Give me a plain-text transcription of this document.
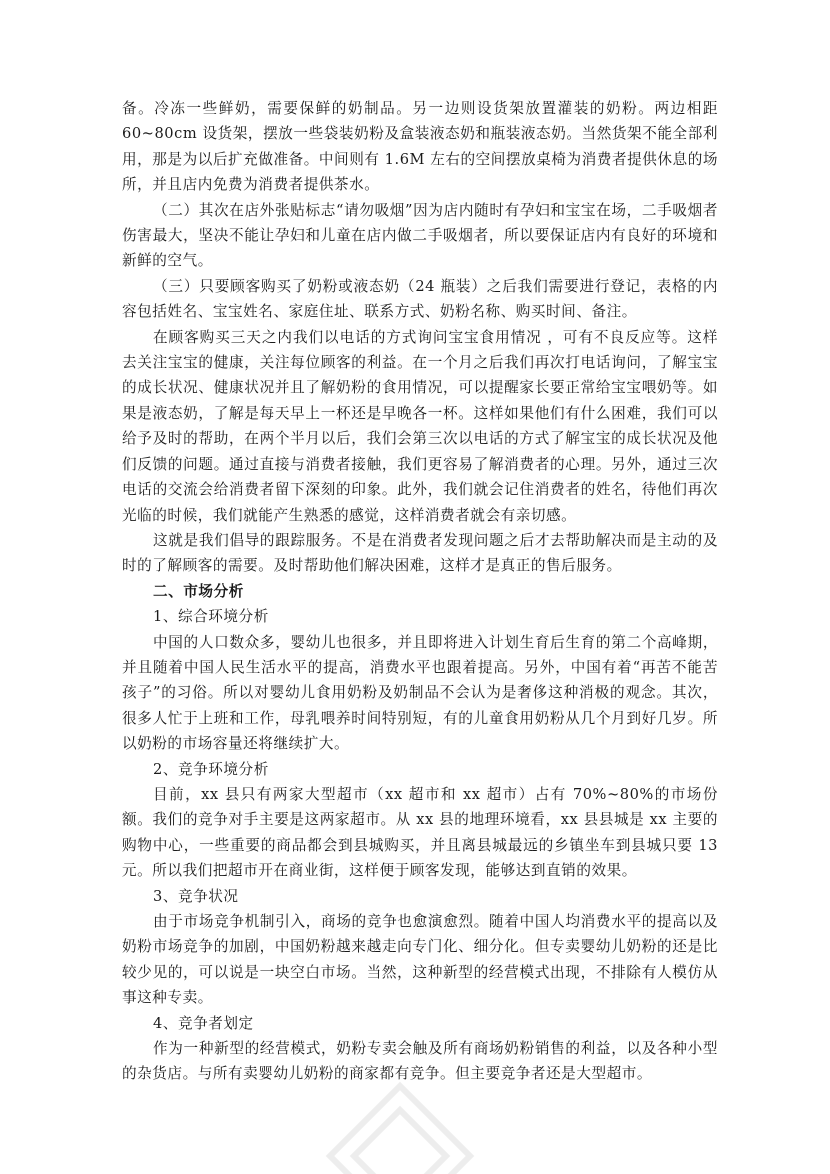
备。冷冻一些鲜奶，需要保鲜的奶制品。另一边则设货架放置灌装的奶粉。两边相距 60~80cm 设货架，摆放一些袋装奶粉及盒装液态奶和瓶装液态奶。当然货架不能全部利用，那是为以后扩充做准备。中间则有 1.6M 左右的空间摆放桌椅为消费者提供休息的场所，并且店内免费为消费者提供茶水。

（二）其次在店外张贴标志“请勿吸烟”因为店内随时有孕妇和宝宝在场，二手吸烟者伤害最大，坚决不能让孕妇和儿童在店内做二手吸烟者，所以要保证店内有良好的环境和新鲜的空气。

（三）只要顾客购买了奶粉或液态奶（24 瓶装）之后我们需要进行登记，表格的内容包括姓名、宝宝姓名、家庭住址、联系方式、奶粉名称、购买时间、备注。

在顾客购买三天之内我们以电话的方式询问宝宝食用情况 ，可有不良反应等。这样去关注宝宝的健康，关注每位顾客的利益。在一个月之后我们再次打电话询问，了解宝宝的成长状况、健康状况并且了解奶粉的食用情况，可以提醒家长要正常给宝宝喂奶等。如果是液态奶，了解是每天早上一杯还是早晚各一杯。这样如果他们有什么困难，我们可以给予及时的帮助，在两个半月以后，我们会第三次以电话的方式了解宝宝的成长状况及他们反馈的问题。通过直接与消费者接触，我们更容易了解消费者的心理。另外，通过三次电话的交流会给消费者留下深刻的印象。此外，我们就会记住消费者的姓名，待他们再次光临的时候，我们就能产生熟悉的感觉，这样消费者就会有亲切感。

这就是我们倡导的跟踪服务。不是在消费者发现问题之后才去帮助解决而是主动的及时的了解顾客的需要。及时帮助他们解决困难，这样才是真正的售后服务。

二、市场分析

1、综合环境分析

中国的人口数众多，婴幼儿也很多，并且即将进入计划生育后生育的第二个高峰期，并且随着中国人民生活水平的提高，消费水平也跟着提高。另外，中国有着“再苦不能苦孩子”的习俗。所以对婴幼儿食用奶粉及奶制品不会认为是奢侈这种消极的观念。其次，很多人忙于上班和工作，母乳喂养时间特别短，有的儿童食用奶粉从几个月到好几岁。所以奶粉的市场容量还将继续扩大。

2、竞争环境分析

目前，xx 县只有两家大型超市（xx 超市和 xx 超市）占有 70%~80%的市场份额。我们的竞争对手主要是这两家超市。从 xx 县的地理环境看，xx 县县城是 xx 主要的购物中心，一些重要的商品都会到县城购买，并且离县城最远的乡镇坐车到县城只要 13 元。所以我们把超市开在商业街，这样便于顾客发现，能够达到直销的效果。

3、竞争状况

由于市场竞争机制引入，商场的竞争也愈演愈烈。随着中国人均消费水平的提高以及奶粉市场竞争的加剧，中国奶粉越来越走向专门化、细分化。但专卖婴幼儿奶粉的还是比较少见的，可以说是一块空白市场。当然，这种新型的经营模式出现，不排除有人模仿从事这种专卖。

4、竞争者划定

作为一种新型的经营模式，奶粉专卖会触及所有商场奶粉销售的利益，以及各种小型的杂货店。与所有卖婴幼儿奶粉的商家都有竞争。但主要竞争者还是大型超市。
